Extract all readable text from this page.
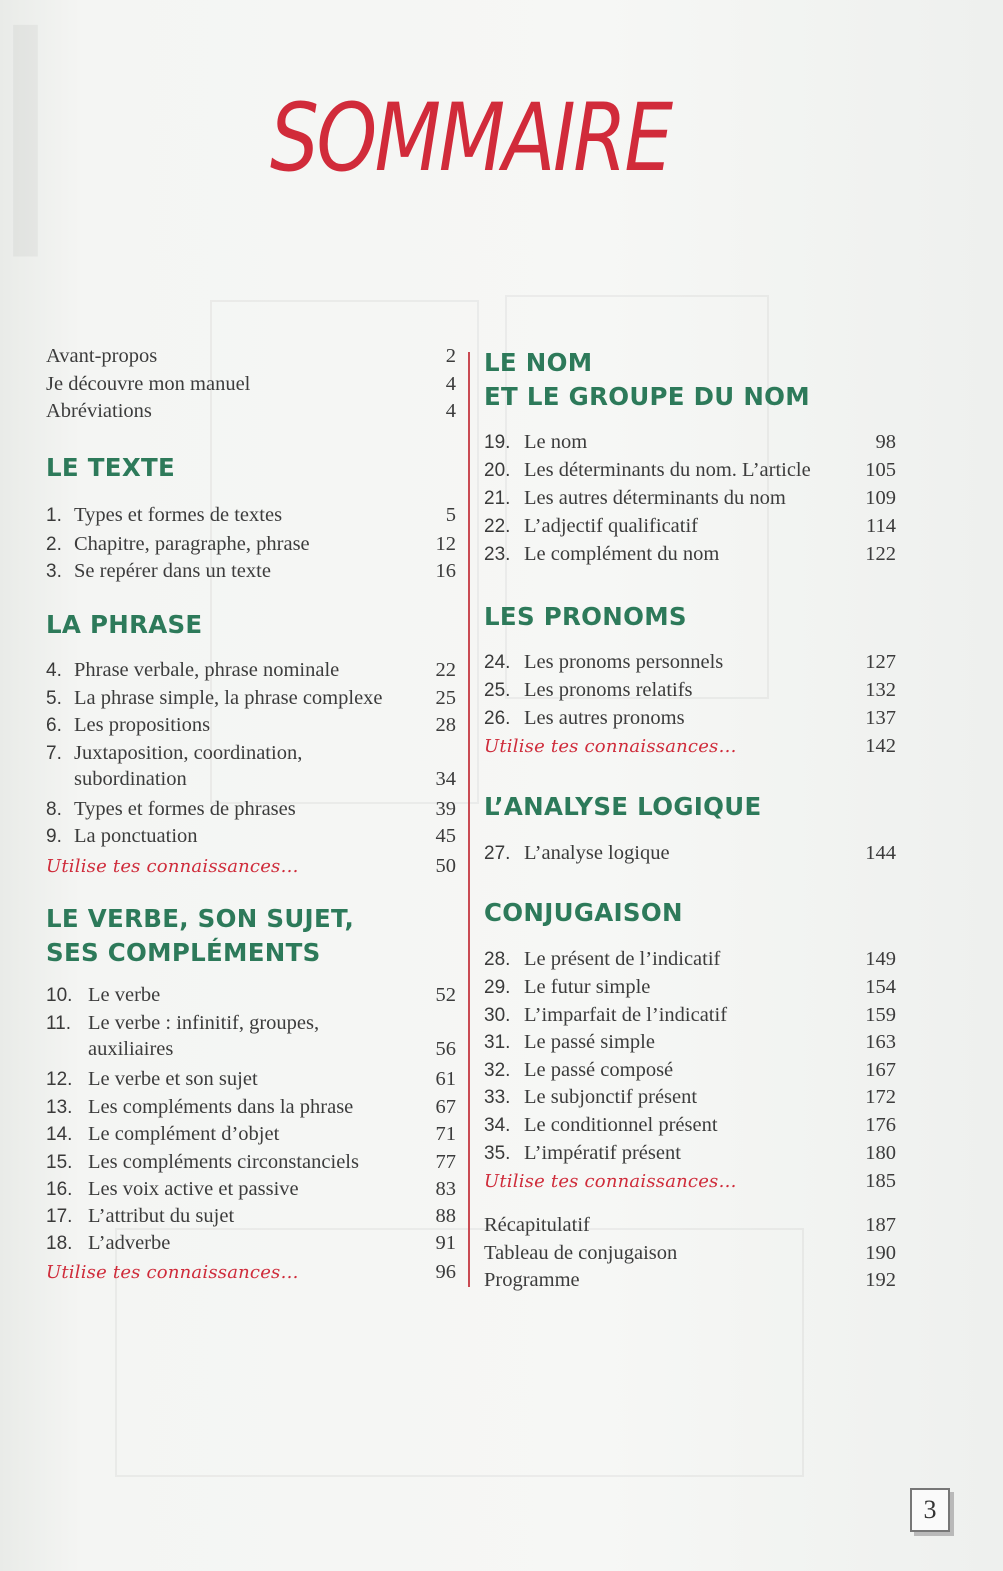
▏ SOMMAIRE
Avant-propos	2
Je découvre mon manuel	4
Abréviations	4
LE TEXTE
1. Types et formes de textes	5
2. Chapitre, paragraphe, phrase	12
3. Se repérer dans un texte	16
LA PHRASE
4. Phrase verbale, phrase nominale	22
5. La phrase simple, la phrase complexe	25
6. Les propositions	28
7. Juxtaposition, coordination,
subordination	34
8. Types et formes de phrases	39
9. La ponctuation	45
Utilise tes connaissances…	50
LE VERBE, SON SUJET,
SES COMPLÉMENTS
10. Le verbe	52
11. Le verbe : infinitif, groupes,
auxiliaires	56
12. Le verbe et son sujet	61
13. Les compléments dans la phrase	67
14. Le complément d’objet	71
15. Les compléments circonstanciels	77
16. Les voix active et passive	83
17. L’attribut du sujet	88
18. L’adverbe	91
Utilise tes connaissances…	96
LE NOM
ET LE GROUPE DU NOM
19. Le nom	98
20. Les déterminants du nom. L’article	105
21. Les autres déterminants du nom	109
22. L’adjectif qualificatif	114
23. Le complément du nom	122
LES PRONOMS
24. Les pronoms personnels	127
25. Les pronoms relatifs	132
26. Les autres pronoms	137
Utilise tes connaissances…	142
L’ANALYSE LOGIQUE
27. L’analyse logique	144
CONJUGAISON
28. Le présent de l’indicatif	149
29. Le futur simple	154
30. L’imparfait de l’indicatif	159
31. Le passé simple	163
32. Le passé composé	167
33. Le subjonctif présent	172
34. Le conditionnel présent	176
35. L’impératif présent	180
Utilise tes connaissances…	185
Récapitulatif	187
Tableau de conjugaison	190
Programme	192
3
